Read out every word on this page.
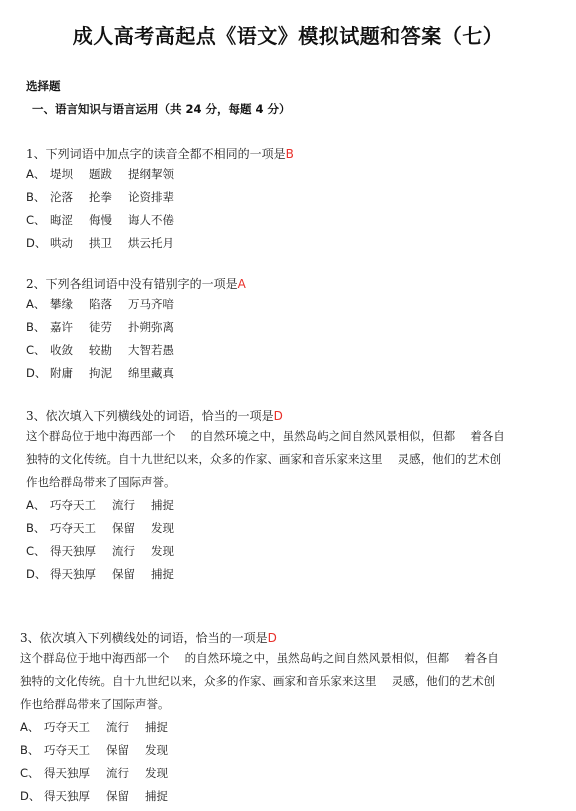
成人高考高起点《语文》模拟试题和答案（七）
选择题
一、语言知识与语言运用（共 24 分，每题 4 分）
1、下列词语中加点字的读音全都不相同的一项是B
A、 堤坝 题跋 提纲挈领
B、 沦落 抡拳 论资排辈
C、 晦涩 侮慢 诲人不倦
D、 哄动 拱卫 烘云托月
2、下列各组词语中没有错别字的一项是A
A、 攀缘 陷落 万马齐喑
B、 嘉许 徒劳 扑朔弥离
C、 收敛 较勘 大智若愚
D、 附庸 拘泥 绵里藏真
3、依次填入下列横线处的词语，恰当的一项是D
这个群岛位于地中海西部一个　 的自然环境之中，虽然岛屿之间自然风景相似，但都　 着各自
独特的文化传统。自十九世纪以来，众多的作家、画家和音乐家来这里　 灵感，他们的艺术创
作也给群岛带来了国际声誉。
A、 巧夺天工 流行 捕捉
B、 巧夺天工 保留 发现
C、 得天独厚 流行 发现
D、 得天独厚 保留 捕捉
3、依次填入下列横线处的词语，恰当的一项是D
这个群岛位于地中海西部一个　 的自然环境之中，虽然岛屿之间自然风景相似，但都　 着各自
独特的文化传统。自十九世纪以来，众多的作家、画家和音乐家来这里　 灵感，他们的艺术创
作也给群岛带来了国际声誉。
A、 巧夺天工 流行 捕捉
B、 巧夺天工 保留 发现
C、 得天独厚 流行 发现
D、 得天独厚 保留 捕捉
